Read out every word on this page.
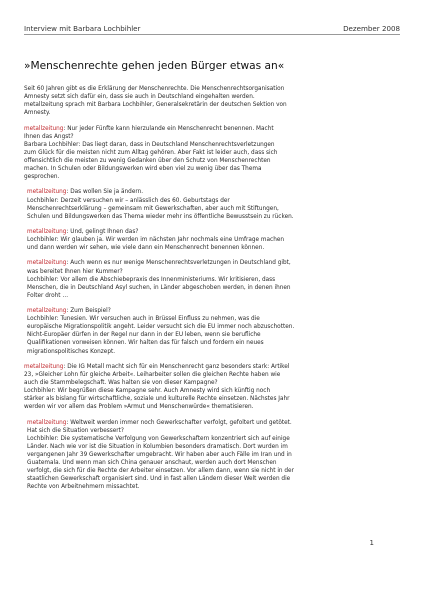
Interview mit Barbara Lochbihler	Dezember 2008
»Menschenrechte gehen jeden Bürger etwas an«
Seit 60 Jahren gibt es die Erklärung der Menschenrechte. Die Menschenrechtsorganisation
Amnesty setzt sich dafür ein, dass sie auch in Deutschland eingehalten werden.
metallzeitung sprach mit Barbara Lochbihler, Generalsekretärin der deutschen Sektion von
Amnesty.
metallzeitung: Nur jeder Fünfte kann hierzulande ein Menschenrecht benennen. Macht
Ihnen das Angst?
Barbara Lochbihler: Das liegt daran, dass in Deutschland Menschenrechtsverletzungen
zum Glück für die meisten nicht zum Alltag gehören. Aber Fakt ist leider auch, dass sich
offensichtlich die meisten zu wenig Gedanken über den Schutz von Menschenrechten
machen. In Schulen oder Bildungswerken wird eben viel zu wenig über das Thema
gesprochen.
metallzeitung: Das wollen Sie ja ändern.
Lochbihler: Derzeit versuchen wir – anlässlich des 60. Geburtstags der
Menschenrechtserklärung – gemeinsam mit Gewerkschaften, aber auch mit Stiftungen,
Schulen und Bildungswerken das Thema wieder mehr ins öffentliche Bewusstsein zu rücken.
metallzeitung: Und, gelingt Ihnen das?
Lochbihler: Wir glauben ja. Wir werden im nächsten Jahr nochmals eine Umfrage machen
und dann werden wir sehen, wie viele dann ein Menschenrecht benennen können.
metallzeitung: Auch wenn es nur wenige Menschenrechtsverletzungen in Deutschland gibt,
was bereitet Ihnen hier Kummer?
Lochbihler: Vor allem die Abschiebepraxis des Innenministeriums. Wir kritisieren, dass
Menschen, die in Deutschland Asyl suchen, in Länder abgeschoben werden, in denen ihnen
Folter droht …
metallzeitung: Zum Beispiel?
Lochbihler: Tunesien. Wir versuchen auch in Brüssel Einfluss zu nehmen, was die
europäische Migrationspolitik angeht. Leider versucht sich die EU immer noch abzuschotten.
Nicht-Europäer dürfen in der Regel nur dann in der EU leben, wenn sie berufliche
Qualifikationen vorweisen können. Wir halten das für falsch und fordern ein neues
migrationspolitisches Konzept.
metallzeitung: Die IG Metall macht sich für ein Menschenrecht ganz besonders stark: Artikel
23, »Gleicher Lohn für gleiche Arbeit«. Leiharbeiter sollen die gleichen Rechte haben wie
auch die Stammbelegschaft. Was halten sie von dieser Kampagne?
Lochbihler: Wir begrüßen diese Kampagne sehr. Auch Amnesty wird sich künftig noch
stärker als bislang für wirtschaftliche, soziale und kulturelle Rechte einsetzen. Nächstes Jahr
werden wir vor allem das Problem »Armut und Menschenwürde« thematisieren.
metallzeitung: Weltweit werden immer noch Gewerkschafter verfolgt, gefoltert und getötet.
Hat sich die Situation verbessert?
Lochbihler: Die systematische Verfolgung von Gewerkschaftern konzentriert sich auf einige
Länder. Nach wie vor ist die Situation in Kolumbien besonders dramatisch. Dort wurden im
vergangenen Jahr 39 Gewerkschafter umgebracht. Wir haben aber auch Fälle im Iran und in
Guatemala. Und wenn man sich China genauer anschaut, werden auch dort Menschen
verfolgt, die sich für die Rechte der Arbeiter einsetzen. Vor allem dann, wenn sie nicht in der
staatlichen Gewerkschaft organisiert sind. Und in fast allen Ländern dieser Welt werden die
Rechte von Arbeitnehmern missachtet.
1
